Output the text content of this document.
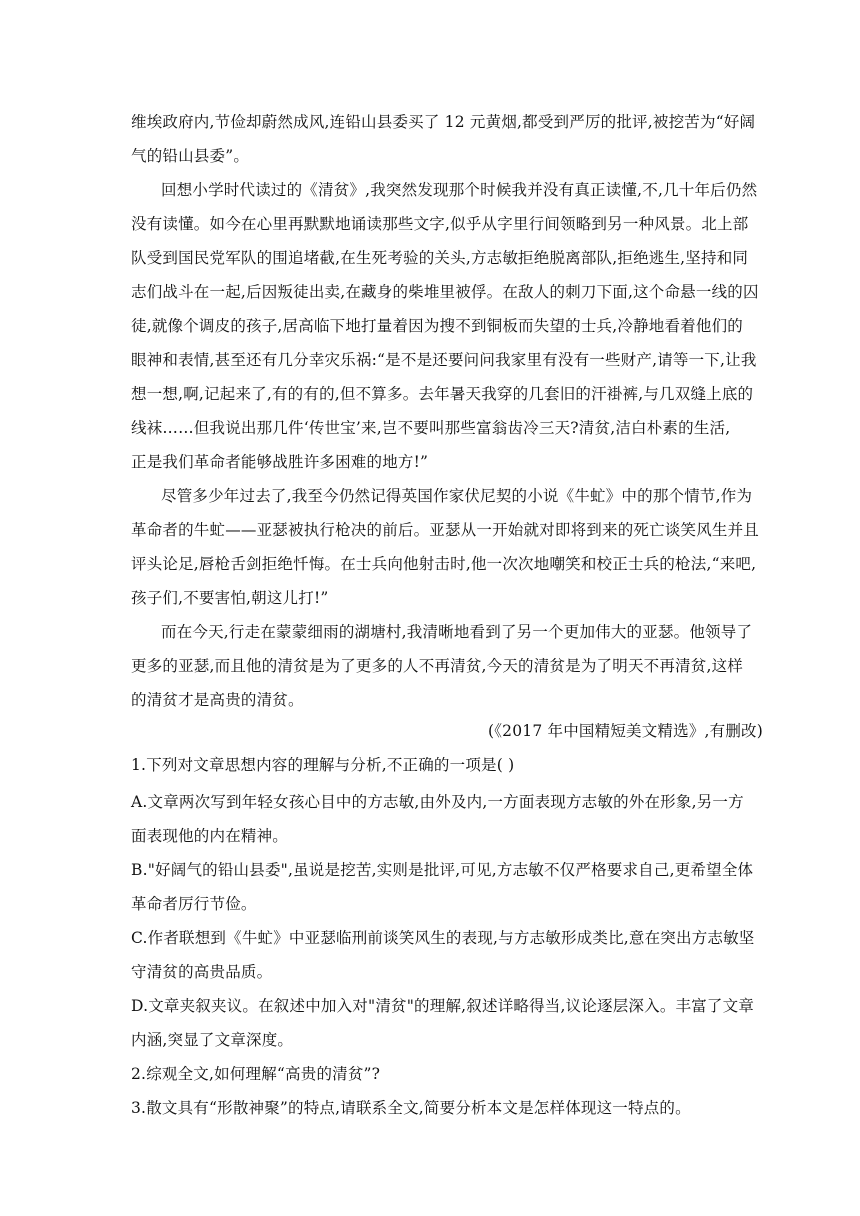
维埃政府内,节俭却蔚然成风,连铅山县委买了 12 元黄烟,都受到严厉的批评,被挖苦为“好阔
气的铅山县委”。
回想小学时代读过的《清贫》,我突然发现那个时候我并没有真正读懂,不,几十年后仍然
没有读懂。如今在心里再默默地诵读那些文字,似乎从字里行间领略到另一种风景。北上部
队受到国民党军队的围追堵截,在生死考验的关头,方志敏拒绝脱离部队,拒绝逃生,坚持和同
志们战斗在一起,后因叛徒出卖,在藏身的柴堆里被俘。在敌人的刺刀下面,这个命悬一线的囚
徒,就像个调皮的孩子,居高临下地打量着因为搜不到铜板而失望的士兵,冷静地看着他们的
眼神和表情,甚至还有几分幸灾乐祸:“是不是还要问问我家里有没有一些财产,请等一下,让我
想一想,啊,记起来了,有的有的,但不算多。去年暑天我穿的几套旧的汗褂裤,与几双缝上底的
线袜……但我说出那几件‘传世宝’来,岂不要叫那些富翁齿冷三天?清贫,洁白朴素的生活,
正是我们革命者能够战胜许多困难的地方!”
尽管多少年过去了,我至今仍然记得英国作家伏尼契的小说《牛虻》中的那个情节,作为
革命者的牛虻——亚瑟被执行枪决的前后。亚瑟从一开始就对即将到来的死亡谈笑风生并且
评头论足,唇枪舌剑拒绝忏悔。在士兵向他射击时,他一次次地嘲笑和校正士兵的枪法,“来吧,
孩子们,不要害怕,朝这儿打!”
而在今天,行走在蒙蒙细雨的湖塘村,我清晰地看到了另一个更加伟大的亚瑟。他领导了
更多的亚瑟,而且他的清贫是为了更多的人不再清贫,今天的清贫是为了明天不再清贫,这样
的清贫才是高贵的清贫。
(《2017 年中国精短美文精选》,有删改)
1.下列对文章思想内容的理解与分析,不正确的一项是( )
A.文章两次写到年轻女孩心目中的方志敏,由外及内,一方面表现方志敏的外在形象,另一方
面表现他的内在精神。
B."好阔气的铅山县委",虽说是挖苦,实则是批评,可见,方志敏不仅严格要求自己,更希望全体
革命者厉行节俭。
C.作者联想到《牛虻》中亚瑟临刑前谈笑风生的表现,与方志敏形成类比,意在突出方志敏坚
守清贫的高贵品质。
D.文章夹叙夹议。在叙述中加入对"清贫"的理解,叙述详略得当,议论逐层深入。丰富了文章
内涵,突显了文章深度。
2.综观全文,如何理解“高贵的清贫”?
3.散文具有“形散神聚”的特点,请联系全文,简要分析本文是怎样体现这一特点的。
